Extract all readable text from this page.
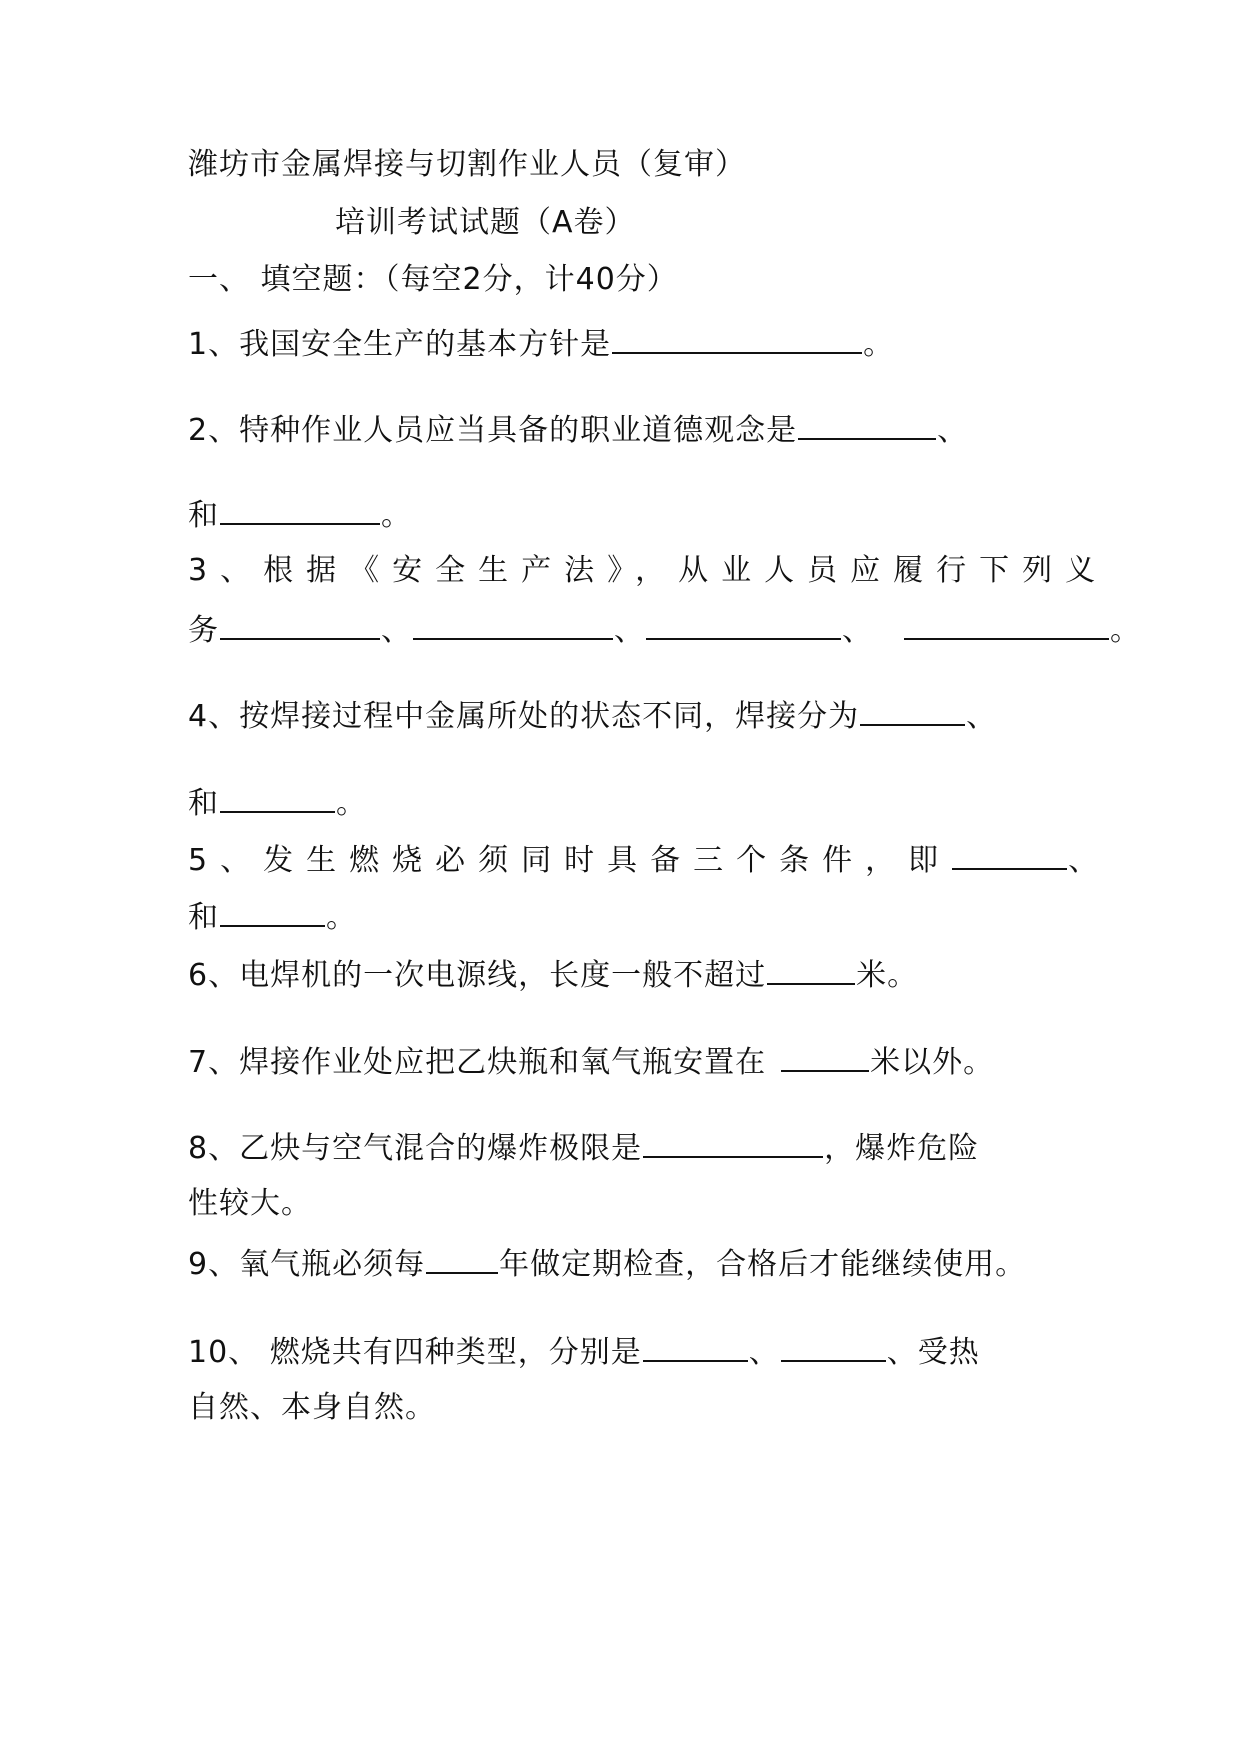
潍坊市金属焊接与切割作业人员（复审）
培训考试试题（A卷）
一、 填空题：（每空2分，计40分）
1、我国安全生产的基本方针是	。
2、特种作业人员应当具备的职业道德观念是	、
和	。
3、根据《安全生产法》，从业人员应履行下列义
务	、	、	、	。
4、按焊接过程中金属所处的状态不同，焊接分为	、
和	。
5、发生燃烧必须同时具备三个条件，即	、
和	。
6、电焊机的一次电源线，长度一般不超过	米。
7、焊接作业处应把乙炔瓶和氧气瓶安置在	米以外。
8、乙炔与空气混合的爆炸极限是	，爆炸危险
性较大。
9、氧气瓶必须每 年做定期检查，合格后才能继续使用。
10、 燃烧共有四种类型，分别是	、	、受热
自然、本身自然。
